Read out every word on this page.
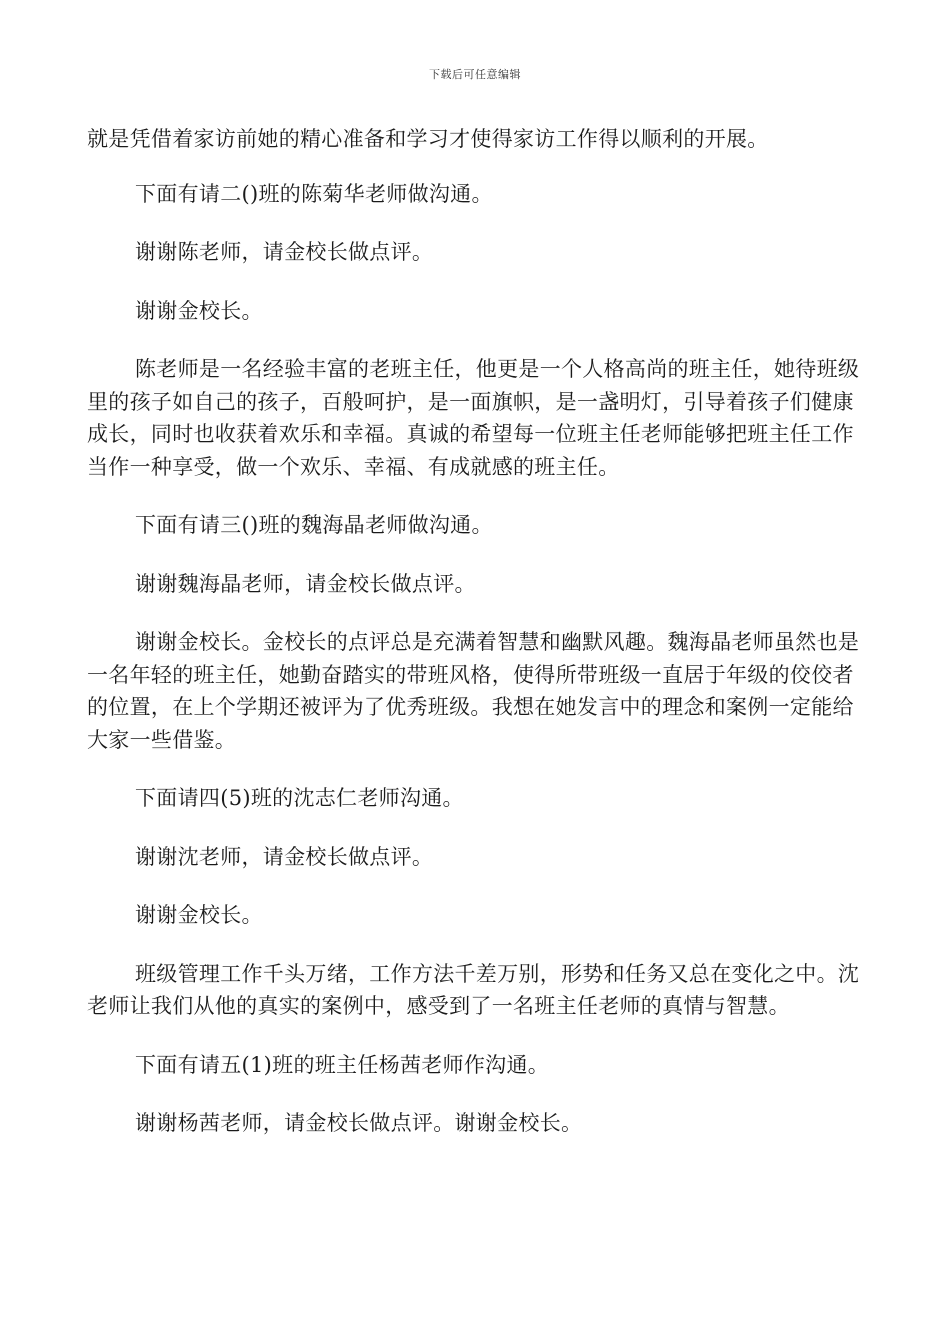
下载后可任意编辑

就是凭借着家访前她的精心准备和学习才使得家访工作得以顺利的开展。

下面有请二()班的陈菊华老师做沟通。

谢谢陈老师，请金校长做点评。

谢谢金校长。

陈老师是一名经验丰富的老班主任，他更是一个人格高尚的班主任，她待班级里的孩子如自己的孩子，百般呵护，是一面旗帜，是一盏明灯，引导着孩子们健康成长，同时也收获着欢乐和幸福。真诚的希望每一位班主任老师能够把班主任工作当作一种享受，做一个欢乐、幸福、有成就感的班主任。

下面有请三()班的魏海晶老师做沟通。

谢谢魏海晶老师，请金校长做点评。

谢谢金校长。金校长的点评总是充满着智慧和幽默风趣。魏海晶老师虽然也是一名年轻的班主任，她勤奋踏实的带班风格，使得所带班级一直居于年级的佼佼者的位置，在上个学期还被评为了优秀班级。我想在她发言中的理念和案例一定能给大家一些借鉴。

下面请四(5)班的沈志仁老师沟通。

谢谢沈老师，请金校长做点评。

谢谢金校长。

班级管理工作千头万绪，工作方法千差万别，形势和任务又总在变化之中。沈老师让我们从他的真实的案例中，感受到了一名班主任老师的真情与智慧。

下面有请五(1)班的班主任杨茜老师作沟通。

谢谢杨茜老师，请金校长做点评。谢谢金校长。
